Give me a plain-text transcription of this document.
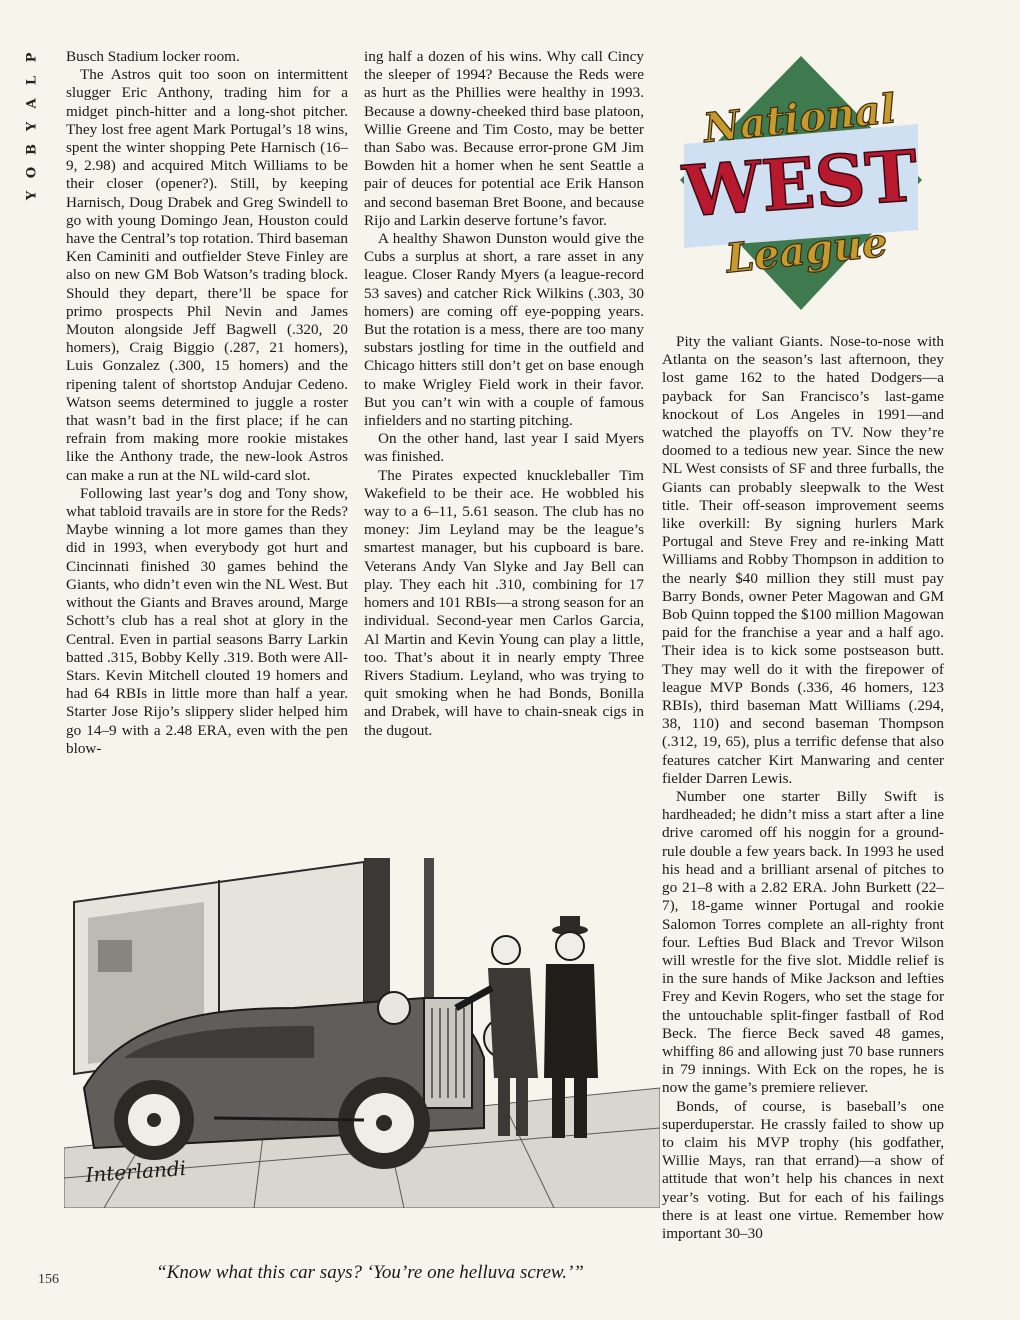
P
L
A
Y
B
O
Y

Busch Stadium locker room.

The Astros quit too soon on intermittent slugger Eric Anthony, trading him for a midget pinch-hitter and a long-shot pitcher. They lost free agent Mark Portugal’s 18 wins, spent the winter shopping Pete Harnisch (16–9, 2.98) and acquired Mitch Williams to be their closer (opener?). Still, by keeping Harnisch, Doug Drabek and Greg Swindell to go with young Domingo Jean, Houston could have the Central’s top rotation. Third baseman Ken Caminiti and outfielder Steve Finley are also on new GM Bob Watson’s trading block. Should they depart, there’ll be space for primo prospects Phil Nevin and James Mouton alongside Jeff Bagwell (.320, 20 homers), Craig Biggio (.287, 21 homers), Luis Gonzalez (.300, 15 homers) and the ripening talent of shortstop Andujar Cedeno. Watson seems determined to juggle a roster that wasn’t bad in the first place; if he can refrain from making more rookie mistakes like the Anthony trade, the new-look Astros can make a run at the NL wild-card slot.

Following last year’s dog and Tony show, what tabloid travails are in store for the Reds? Maybe winning a lot more games than they did in 1993, when everybody got hurt and Cincinnati finished 30 games behind the Giants, who didn’t even win the NL West. But without the Giants and Braves around, Marge Schott’s club has a real shot at glory in the Central. Even in partial seasons Barry Larkin batted .315, Bobby Kelly .319. Both were All-Stars. Kevin Mitchell clouted 19 homers and had 64 RBIs in little more than half a year. Starter Jose Rijo’s slippery slider helped him go 14–9 with a 2.48 ERA, even with the pen blow-

ing half a dozen of his wins. Why call Cincy the sleeper of 1994? Because the Reds were as hurt as the Phillies were healthy in 1993. Because a downy-cheeked third base platoon, Willie Greene and Tim Costo, may be better than Sabo was. Because error-prone GM Jim Bowden hit a homer when he sent Seattle a pair of deuces for potential ace Erik Hanson and second baseman Bret Boone, and because Rijo and Larkin deserve fortune’s favor.

A healthy Shawon Dunston would give the Cubs a surplus at short, a rare asset in any league. Closer Randy Myers (a league-record 53 saves) and catcher Rick Wilkins (.303, 30 homers) are coming off eye-popping years. But the rotation is a mess, there are too many substars jostling for time in the outfield and Chicago hitters still don’t get on base enough to make Wrigley Field work in their favor. But you can’t win with a couple of famous infielders and no starting pitching.

On the other hand, last year I said Myers was finished.

The Pirates expected knuckleballer Tim Wakefield to be their ace. He wobbled his way to a 6–11, 5.61 season. The club has no money: Jim Leyland may be the league’s smartest manager, but his cupboard is bare. Veterans Andy Van Slyke and Jay Bell can play. They each hit .310, combining for 17 homers and 101 RBIs—a strong season for an individual. Second-year men Carlos Garcia, Al Martin and Kevin Young can play a little, too. That’s about it in nearly empty Three Rivers Stadium. Leyland, who was trying to quit smoking when he had Bonds, Bonilla and Drabek, will have to chain-sneak cigs in the dugout.

National
WEST
League

Pity the valiant Giants. Nose-to-nose with Atlanta on the season’s last afternoon, they lost game 162 to the hated Dodgers—a payback for San Francisco’s last-game knockout of Los Angeles in 1991—and watched the playoffs on TV. Now they’re doomed to a tedious new year. Since the new NL West consists of SF and three furballs, the Giants can probably sleepwalk to the West title. Their off-season improvement seems like overkill: By signing hurlers Mark Portugal and Steve Frey and re-inking Matt Williams and Robby Thompson in addition to the nearly $40 million they still must pay Barry Bonds, owner Peter Magowan and GM Bob Quinn topped the $100 million Magowan paid for the franchise a year and a half ago. Their idea is to kick some postseason butt. They may well do it with the firepower of league MVP Bonds (.336, 46 homers, 123 RBIs), third baseman Matt Williams (.294, 38, 110) and second baseman Thompson (.312, 19, 65), plus a terrific defense that also features catcher Kirt Manwaring and center fielder Darren Lewis.

Number one starter Billy Swift is hardheaded; he didn’t miss a start after a line drive caromed off his noggin for a ground-rule double a few years back. In 1993 he used his head and a brilliant arsenal of pitches to go 21–8 with a 2.82 ERA. John Burkett (22–7), 18-game winner Portugal and rookie Salomon Torres complete an all-righty front four. Lefties Bud Black and Trevor Wilson will wrestle for the five slot. Middle relief is in the sure hands of Mike Jackson and lefties Frey and Kevin Rogers, who set the stage for the untouchable split-finger fastball of Rod Beck. The fierce Beck saved 48 games, whiffing 86 and allowing just 70 base runners in 79 innings. With Eck on the ropes, he is now the game’s premiere reliever.

Bonds, of course, is baseball’s one superduperstar. He crassly failed to show up to claim his MVP trophy (his godfather, Willie Mays, ran that errand)—a show of attitude that won’t help his chances in next year’s voting. But for each of his failings there is at least one virtue. Remember how important 30–30

Interlandi
“Know what this car says? ‘You’re one helluva screw.’”
156
